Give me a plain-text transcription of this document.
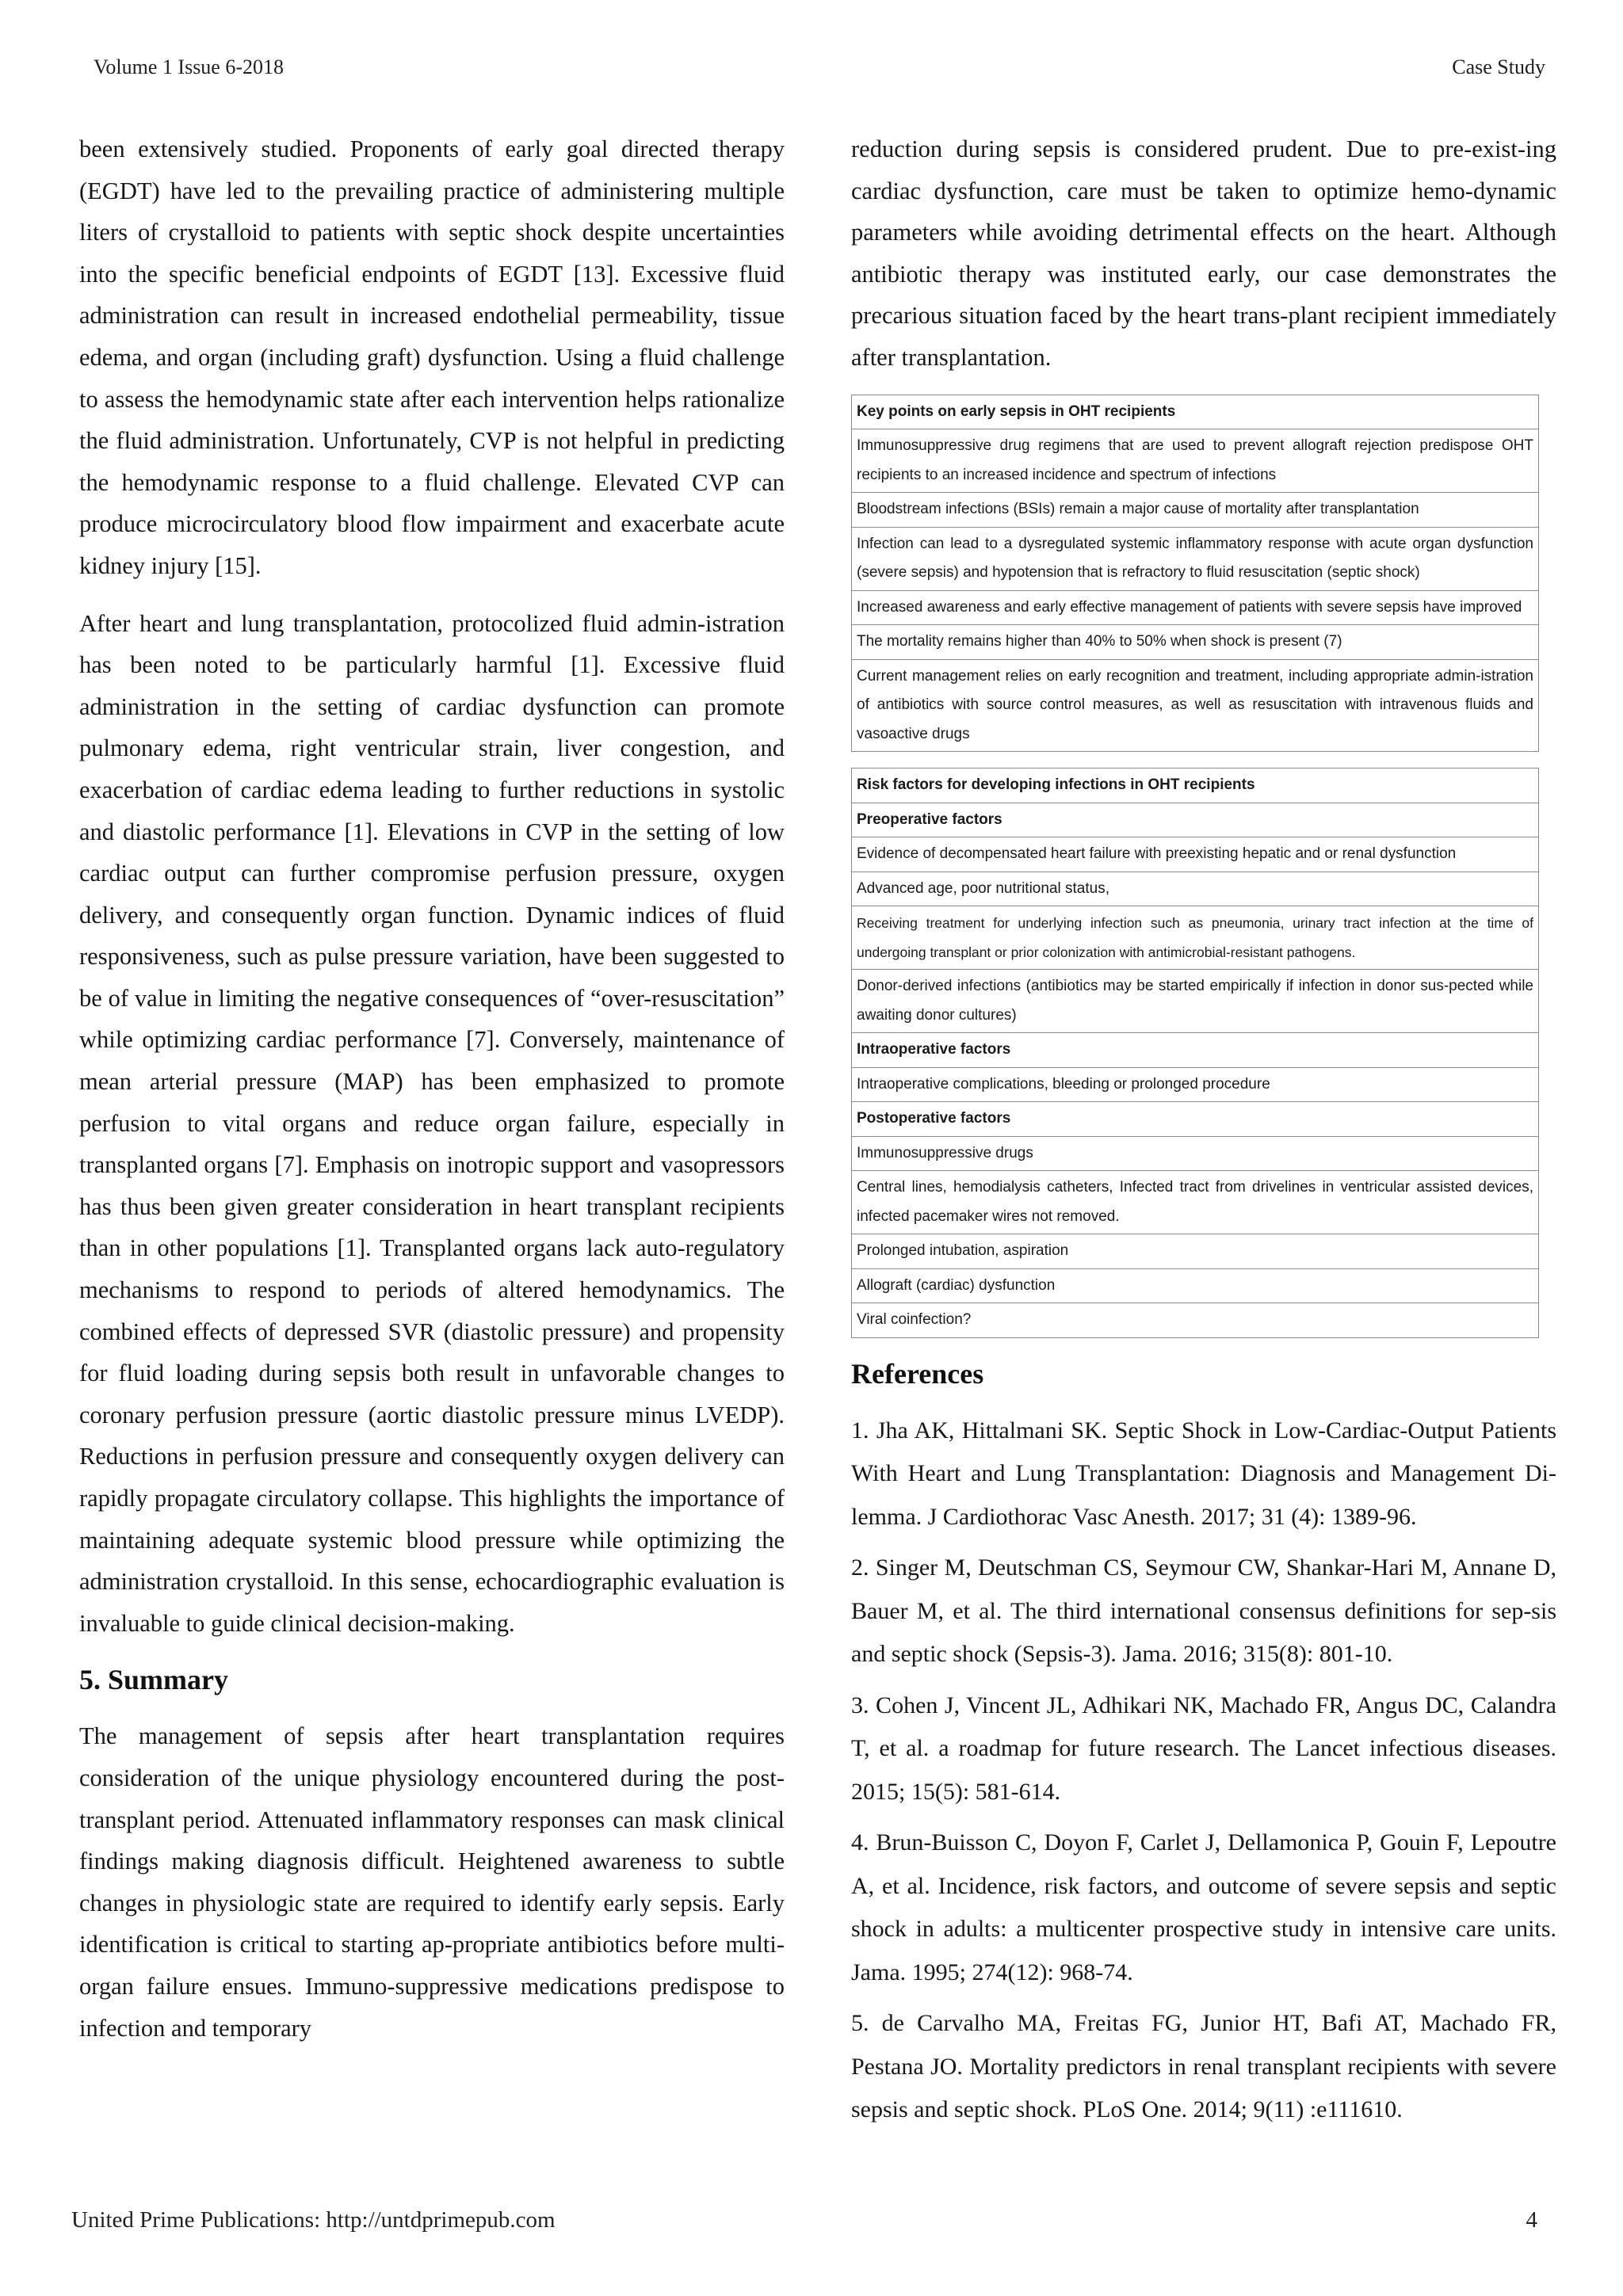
Volume 1 Issue 6-2018	Case Study

been extensively studied. Proponents of early goal directed therapy (EGDT) have led to the prevailing practice of administering multiple liters of crystalloid to patients with septic shock despite uncertainties into the specific beneficial endpoints of EGDT [13]. Excessive fluid administration can result in increased endothelial permeability, tissue edema, and organ (including graft) dysfunction. Using a fluid challenge to assess the hemodynamic state after each intervention helps rationalize the fluid administration. Unfortunately, CVP is not helpful in predicting the hemodynamic response to a fluid challenge. Elevated CVP can produce microcirculatory blood flow impairment and exacerbate acute kidney injury [15].

After heart and lung transplantation, protocolized fluid admin-istration has been noted to be particularly harmful [1]. Excessive fluid administration in the setting of cardiac dysfunction can promote pulmonary edema, right ventricular strain, liver congestion, and exacerbation of cardiac edema leading to further reductions in systolic and diastolic performance [1]. Elevations in CVP in the setting of low cardiac output can further compromise perfusion pressure, oxygen delivery, and consequently organ function. Dynamic indices of fluid responsiveness, such as pulse pressure variation, have been suggested to be of value in limiting the negative consequences of “over-resuscitation” while optimizing cardiac performance [7]. Conversely, maintenance of mean arterial pressure (MAP) has been emphasized to promote perfusion to vital organs and reduce organ failure, especially in transplanted organs [7]. Emphasis on inotropic support and vasopressors has thus been given greater consideration in heart transplant recipients than in other populations [1]. Transplanted organs lack auto-regulatory mechanisms to respond to periods of altered hemodynamics. The combined effects of depressed SVR (diastolic pressure) and propensity for fluid loading during sepsis both result in unfavorable changes to coronary perfusion pressure (aortic diastolic pressure minus LVEDP). Reductions in perfusion pressure and consequently oxygen delivery can rapidly propagate circulatory collapse. This highlights the importance of maintaining adequate systemic blood pressure while optimizing the administration crystalloid. In this sense, echocardiographic evaluation is invaluable to guide clinical decision-making.

5. Summary

The management of sepsis after heart transplantation requires consideration of the unique physiology encountered during the post-transplant period. Attenuated inflammatory responses can mask clinical findings making diagnosis difficult. Heightened awareness to subtle changes in physiologic state are required to identify early sepsis. Early identification is critical to starting ap-propriate antibiotics before multi-organ failure ensues. Immuno-suppressive medications predispose to infection and temporary

reduction during sepsis is considered prudent. Due to pre-exist-ing cardiac dysfunction, care must be taken to optimize hemo-dynamic parameters while avoiding detrimental effects on the heart. Although antibiotic therapy was instituted early, our case demonstrates the precarious situation faced by the heart trans-plant recipient immediately after transplantation.

Key points on early sepsis in OHT recipients
Immunosuppressive drug regimens that are used to prevent allograft rejection predispose OHT recipients to an increased incidence and spectrum of infections
Bloodstream infections (BSIs) remain a major cause of mortality after transplantation
Infection can lead to a dysregulated systemic inflammatory response with acute organ dysfunction (severe sepsis) and hypotension that is refractory to fluid resuscitation (septic shock)
Increased awareness and early effective management of patients with severe sepsis have improved
The mortality remains higher than 40% to 50% when shock is present (7)
Current management relies on early recognition and treatment, including appropriate admin-istration of antibiotics with source control measures, as well as resuscitation with intravenous fluids and vasoactive drugs
Risk factors for developing infections in OHT recipients
Preoperative factors
Evidence of decompensated heart failure with preexisting hepatic and or renal dysfunction
Advanced age, poor nutritional status,
Receiving treatment for underlying infection such as pneumonia, urinary tract infection at the time of undergoing transplant or prior colonization with antimicrobial-resistant pathogens.
Donor-derived infections (antibiotics may be started empirically if infection in donor sus-pected while awaiting donor cultures)
Intraoperative factors
Intraoperative complications, bleeding or prolonged procedure
Postoperative factors
Immunosuppressive drugs
Central lines, hemodialysis catheters, Infected tract from drivelines in ventricular assisted devices, infected pacemaker wires not removed.
Prolonged intubation, aspiration
Allograft (cardiac) dysfunction
Viral coinfection?
References

1. Jha AK, Hittalmani SK. Septic Shock in Low-Cardiac-Output Patients With Heart and Lung Transplantation: Diagnosis and Management Di-lemma. J Cardiothorac Vasc Anesth. 2017; 31 (4): 1389-96.

2. Singer M, Deutschman CS, Seymour CW, Shankar-Hari M, Annane D, Bauer M, et al. The third international consensus definitions for sep-sis and septic shock (Sepsis-3). Jama. 2016; 315(8): 801-10.

3. Cohen J, Vincent JL, Adhikari NK, Machado FR, Angus DC, Calandra T, et al. a roadmap for future research. The Lancet infectious diseases. 2015; 15(5): 581-614.

4. Brun-Buisson C, Doyon F, Carlet J, Dellamonica P, Gouin F, Lepoutre A, et al. Incidence, risk factors, and outcome of severe sepsis and septic shock in adults: a multicenter prospective study in intensive care units. Jama. 1995; 274(12): 968-74.

5. de Carvalho MA, Freitas FG, Junior HT, Bafi AT, Machado FR, Pestana JO. Mortality predictors in renal transplant recipients with severe sepsis and septic shock. PLoS One. 2014; 9(11) :e111610.

United Prime Publications: http://untdprimepub.com	4
